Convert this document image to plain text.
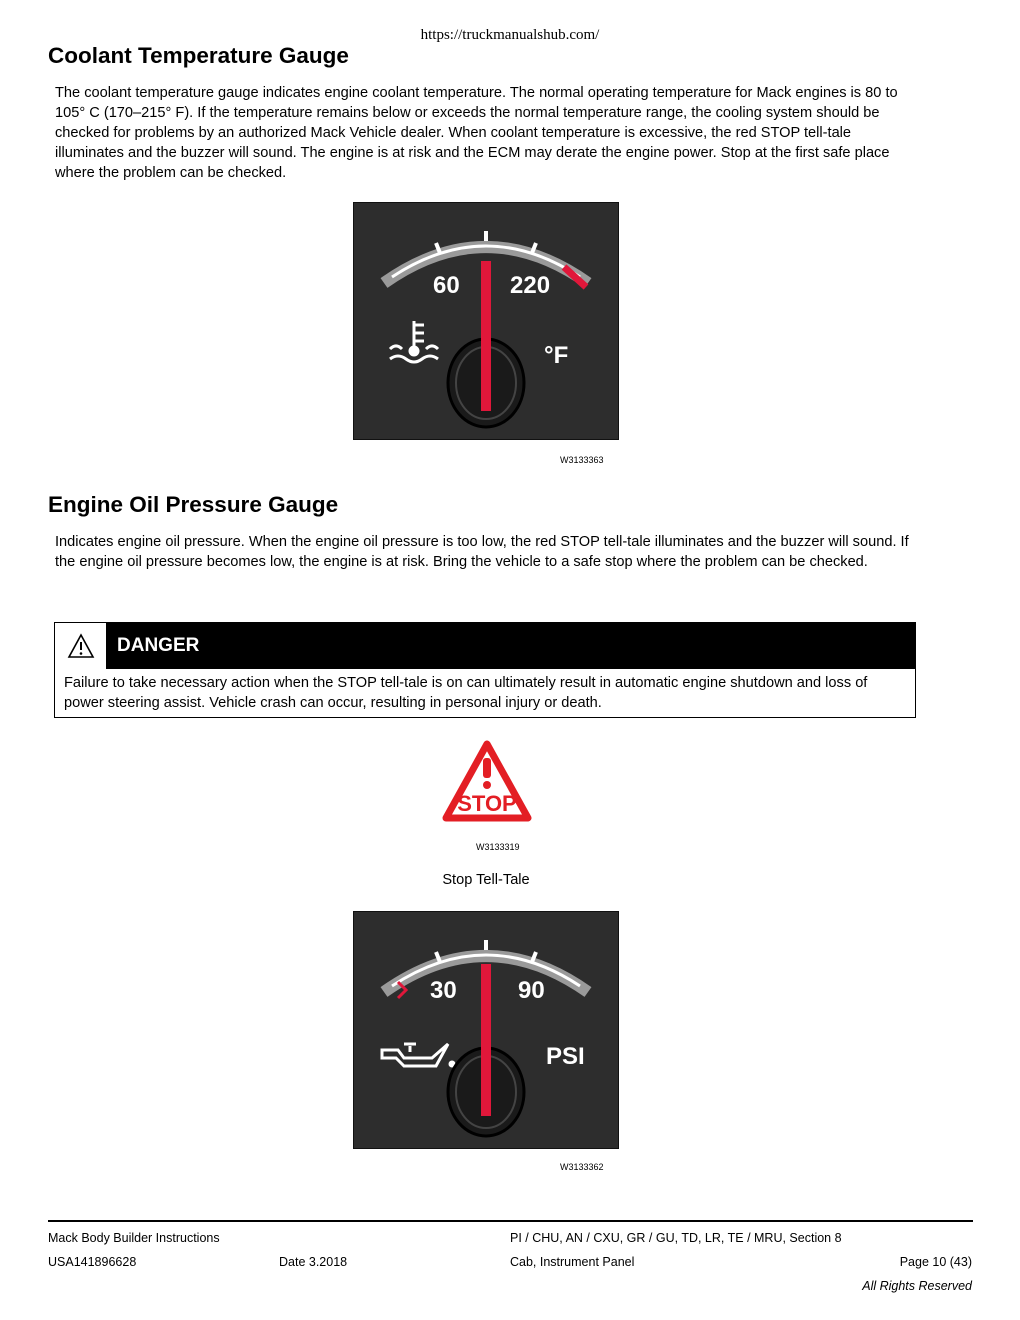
https://truckmanualshub.com/
Coolant Temperature Gauge

The coolant temperature gauge indicates engine coolant temperature. The normal operating temperature for Mack engines is 80 to 105° C (170–215° F). If the temperature remains below or exceeds the normal temperature range, the cooling system should be checked for problems by an authorized Mack Vehicle dealer. When coolant temperature is excessive, the red STOP tell-tale illuminates and the buzzer will sound. The engine is at risk and the ECM may derate the engine power. Stop at the first safe place where the problem can be checked.

60 220
°F
W3133363
Engine Oil Pressure Gauge

Indicates engine oil pressure. When the engine oil pressure is too low, the red STOP tell-tale illuminates and the buzzer will sound. If the engine oil pressure becomes low, the engine is at risk. Bring the vehicle to a safe stop where the problem can be checked.

DANGER
Failure to take necessary action when the STOP tell-tale is on can ultimately result in automatic engine shutdown and loss of power steering assist. Vehicle crash can occur, resulting in personal injury or death.
STOP
W3133319
Stop Tell-Tale
30	90
PSI
W3133362
Mack Body Builder Instructions	PI / CHU, AN / CXU, GR / GU, TD, LR, TE / MRU, Section 8
USA141896628	Date 3.2018	Cab, Instrument Panel	Page 10 (43)
All Rights Reserved
